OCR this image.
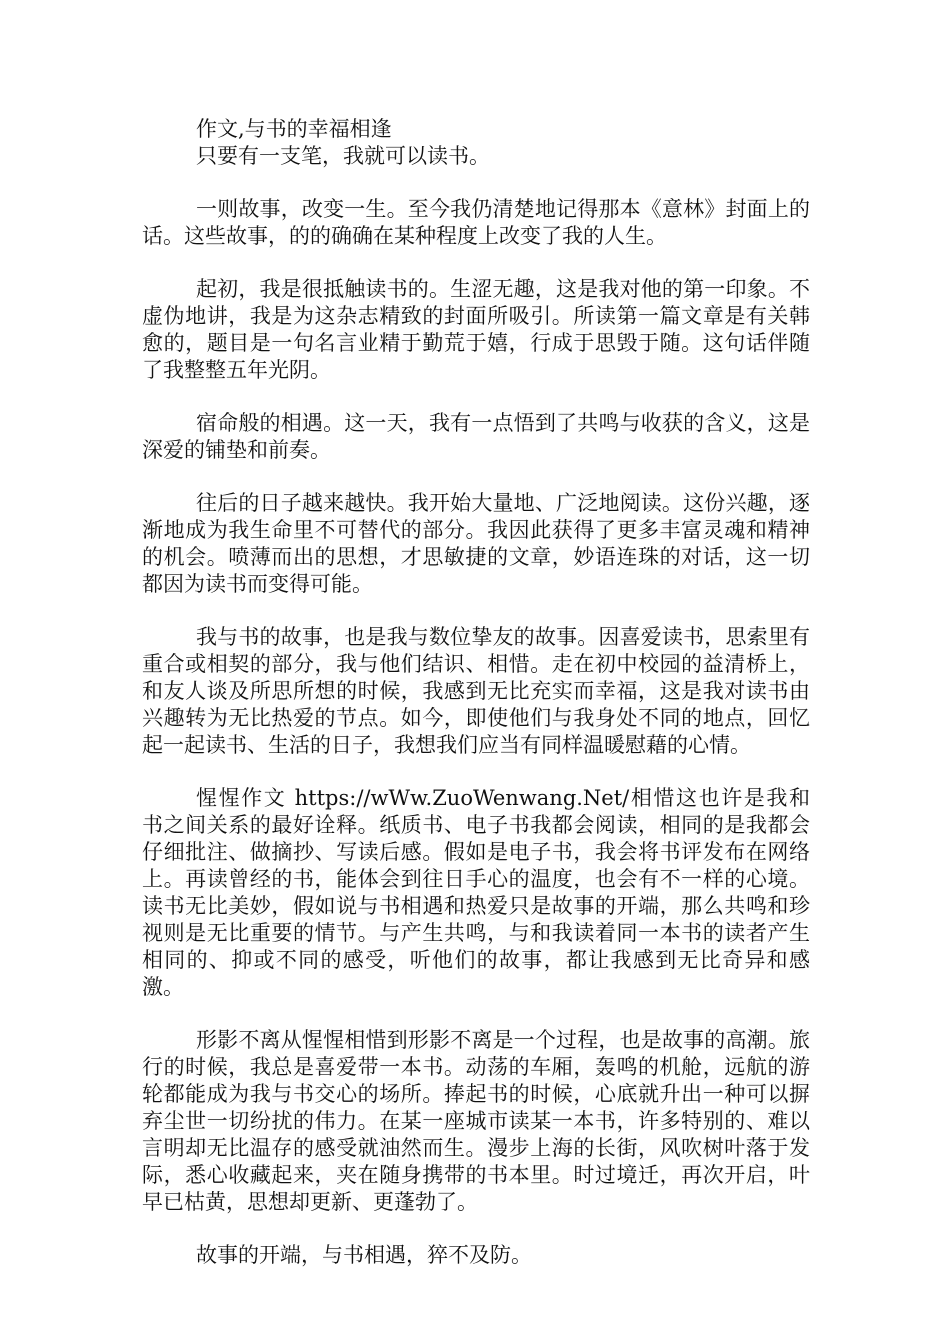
作文,与书的幸福相逢

只要有一支笔，我就可以读书。

一则故事，改变一生。至今我仍清楚地记得那本《意林》封面上的话。这些故事，的的确确在某种程度上改变了我的人生。

起初，我是很抵触读书的。生涩无趣，这是我对他的第一印象。不虚伪地讲，我是为这杂志精致的封面所吸引。所读第一篇文章是有关韩愈的，题目是一句名言业精于勤荒于嬉，行成于思毁于随。这句话伴随了我整整五年光阴。

宿命般的相遇。这一天，我有一点悟到了共鸣与收获的含义，这是深爱的铺垫和前奏。

往后的日子越来越快。我开始大量地、广泛地阅读。这份兴趣，逐渐地成为我生命里不可替代的部分。我因此获得了更多丰富灵魂和精神的机会。喷薄而出的思想，才思敏捷的文章，妙语连珠的对话，这一切都因为读书而变得可能。

我与书的故事，也是我与数位挚友的故事。因喜爱读书，思索里有重合或相契的部分，我与他们结识、相惜。走在初中校园的益清桥上，和友人谈及所思所想的时候，我感到无比充实而幸福，这是我对读书由兴趣转为无比热爱的节点。如今，即使他们与我身处不同的地点，回忆起一起读书、生活的日子，我想我们应当有同样温暖慰藉的心情。

惺惺作文 https://wWw.ZuoWenwang.Net/相惜这也许是我和书之间关系的最好诠释。纸质书、电子书我都会阅读，相同的是我都会仔细批注、做摘抄、写读后感。假如是电子书，我会将书评发布在网络上。再读曾经的书，能体会到往日手心的温度，也会有不一样的心境。读书无比美妙，假如说与书相遇和热爱只是故事的开端，那么共鸣和珍视则是无比重要的情节。与产生共鸣，与和我读着同一本书的读者产生相同的、抑或不同的感受，听他们的故事，都让我感到无比奇异和感激。

形影不离从惺惺相惜到形影不离是一个过程，也是故事的高潮。旅行的时候，我总是喜爱带一本书。动荡的车厢，轰鸣的机舱，远航的游轮都能成为我与书交心的场所。捧起书的时候，心底就升出一种可以摒弃尘世一切纷扰的伟力。在某一座城市读某一本书，许多特别的、难以言明却无比温存的感受就油然而生。漫步上海的长街，风吹树叶落于发际，悉心收藏起来，夹在随身携带的书本里。时过境迁，再次开启，叶早已枯黄，思想却更新、更蓬勃了。

故事的开端，与书相遇，猝不及防。
